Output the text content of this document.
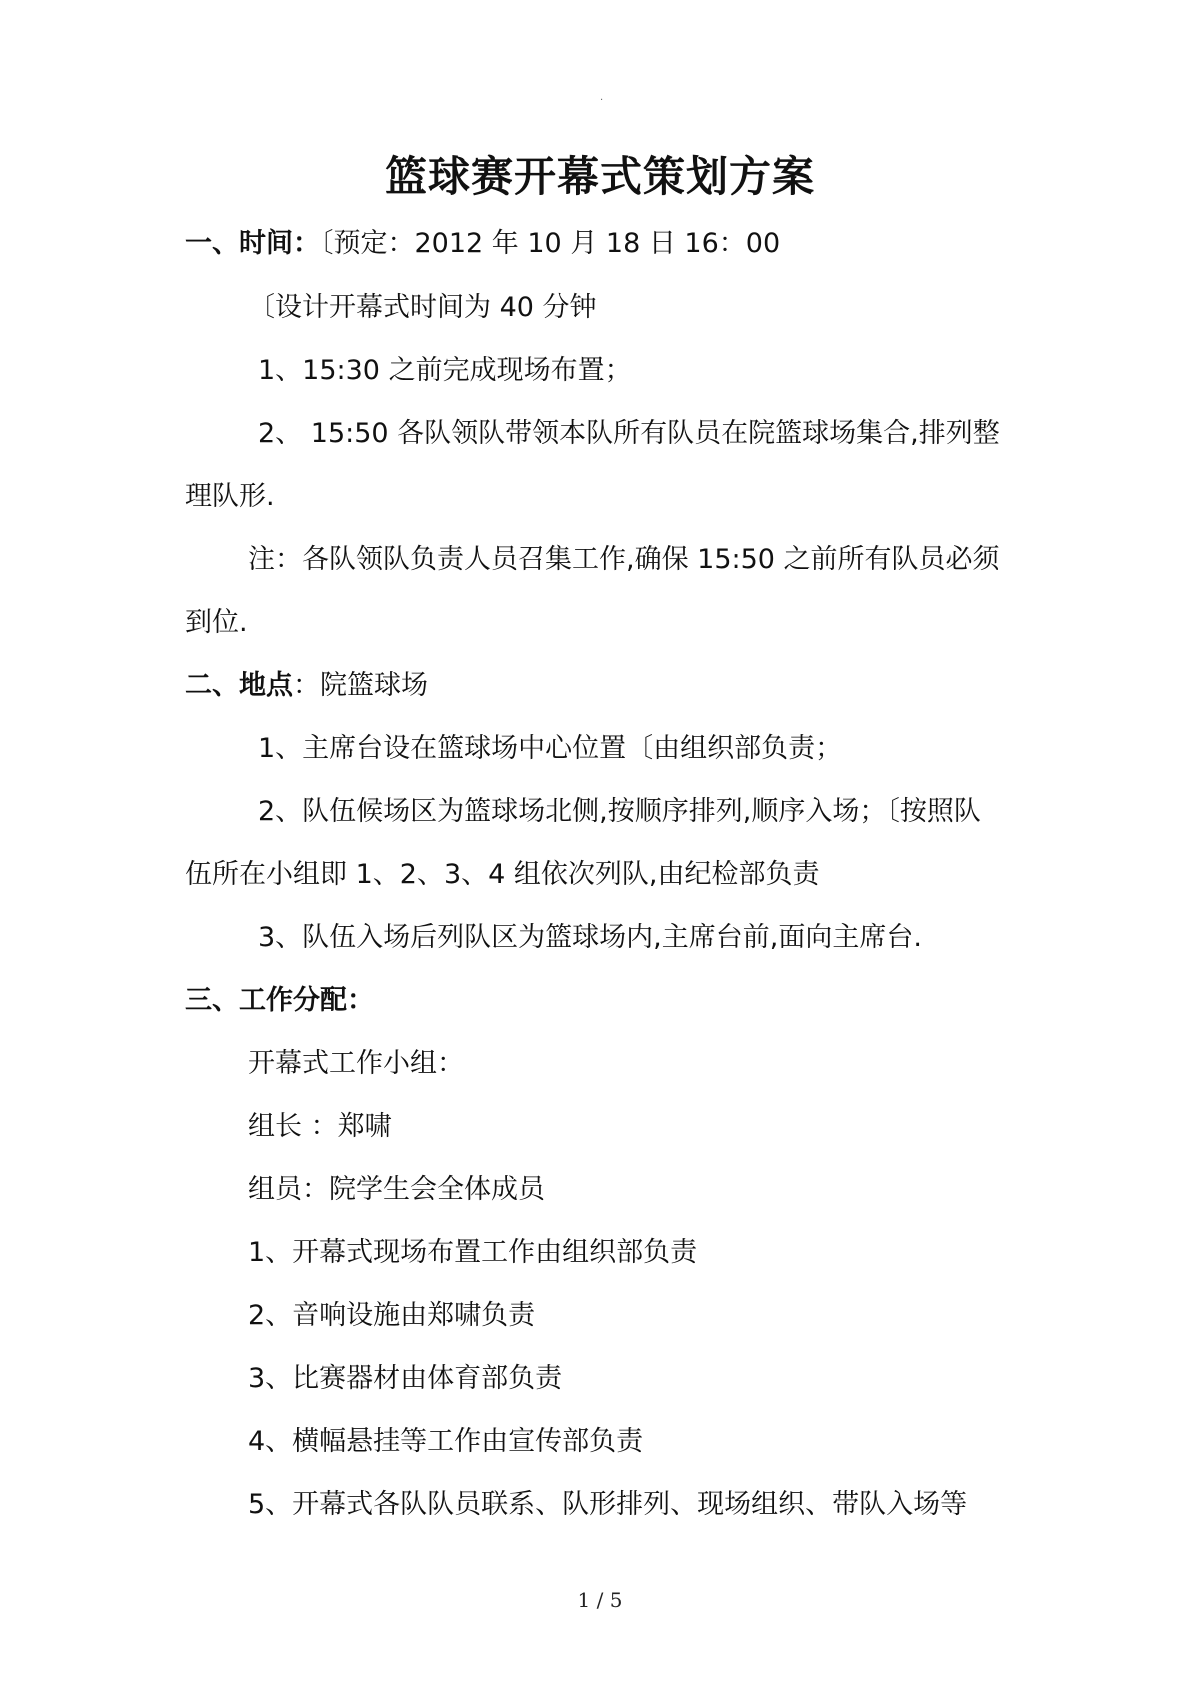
·
篮球赛开幕式策划方案
一、时间：〔预定：2012 年 10 月 18 日 16：00
〔设计开幕式时间为 40 分钟
1、15:30 之前完成现场布置；
2、 15:50 各队领队带领本队所有队员在院篮球场集合,排列整
理队形.
注：各队领队负责人员召集工作,确保 15:50 之前所有队员必须
到位.
二、地点：院篮球场
1、主席台设在篮球场中心位置〔由组织部负责；
2、队伍候场区为篮球场北侧,按顺序排列,顺序入场；〔按照队
伍所在小组即 1、2、3、4 组依次列队,由纪检部负责
3、队伍入场后列队区为篮球场内,主席台前,面向主席台.
三、工作分配：
开幕式工作小组：
组长 ：郑啸
组员：院学生会全体成员
1、开幕式现场布置工作由组织部负责
2、音响设施由郑啸负责
3、比赛器材由体育部负责
4、横幅悬挂等工作由宣传部负责
5、开幕式各队队员联系、队形排列、现场组织、带队入场等
1 / 5
